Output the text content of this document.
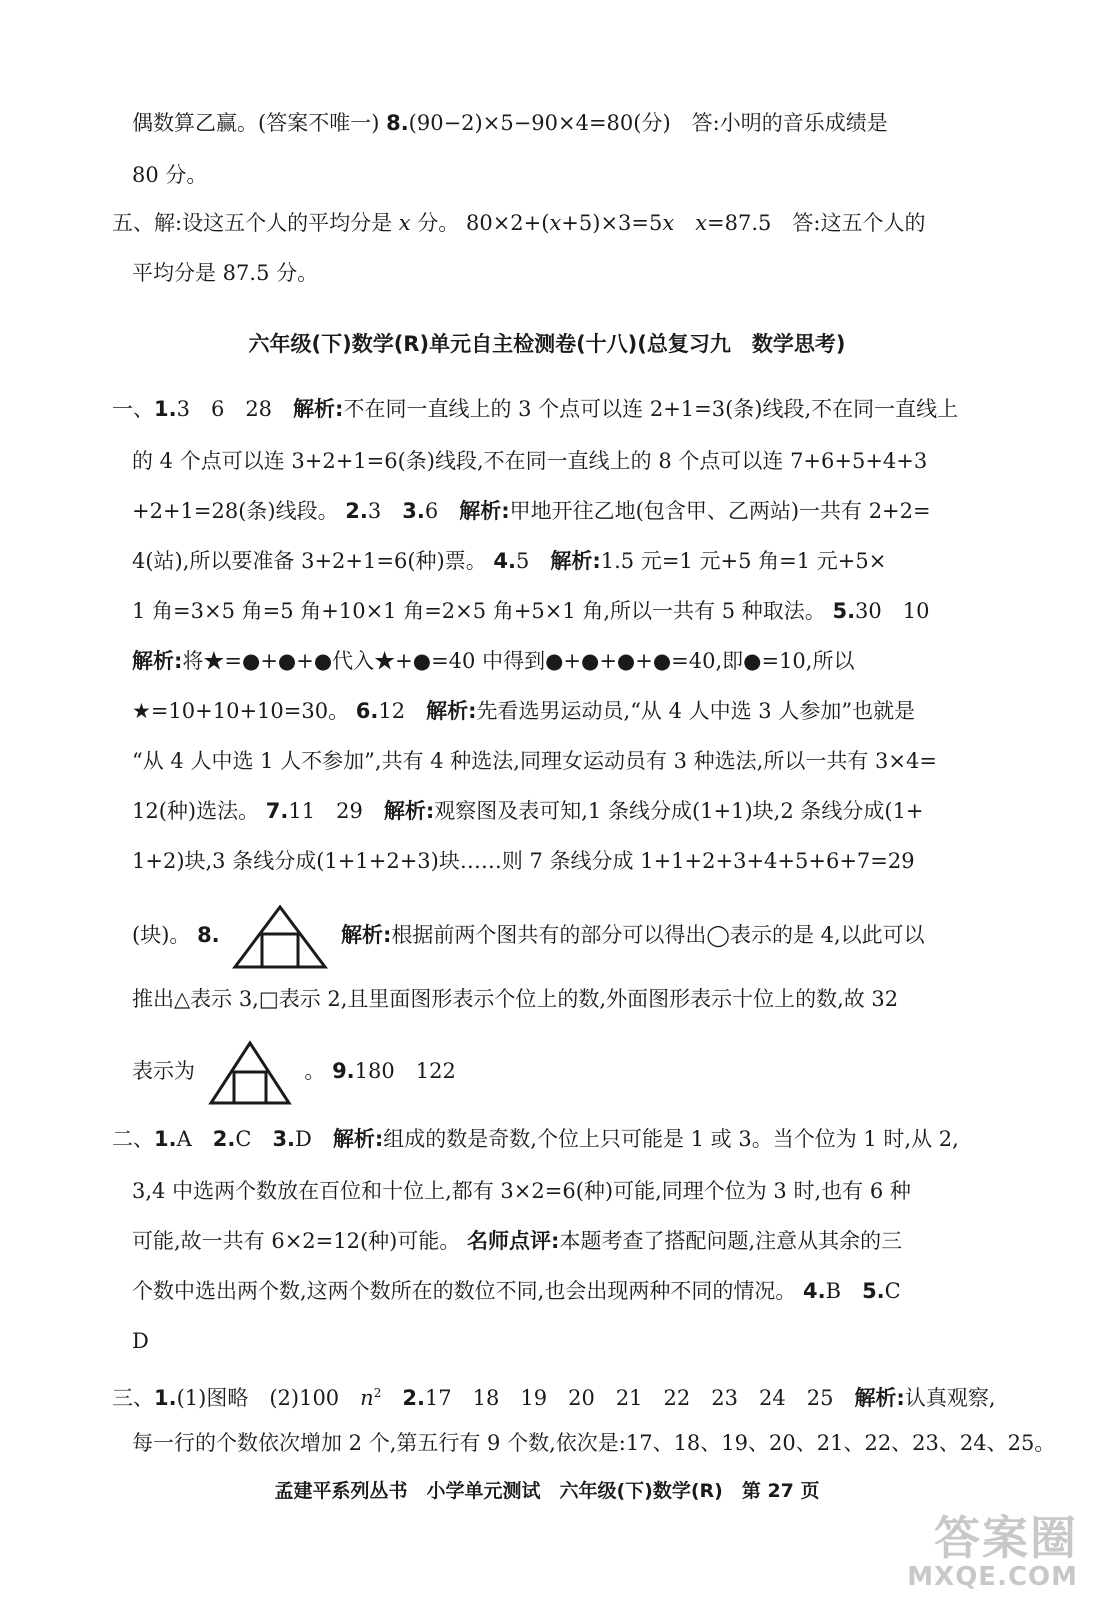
偶数算乙赢。(答案不唯一) 8.(90−2)×5−90×4=80(分)　答:小明的音乐成绩是
80 分。
五、解:设这五个人的平均分是 x 分。 80×2+(x+5)×3=5x　 x=87.5　答:这五个人的
平均分是 87.5 分。
六年级(下)数学(R)单元自主检测卷(十八)(总复习九　数学思考)
一、1.3　6　28　解析:不在同一直线上的 3 个点可以连 2+1=3(条)线段,不在同一直线上
的 4 个点可以连 3+2+1=6(条)线段,不在同一直线上的 8 个点可以连 7+6+5+4+3
+2+1=28(条)线段。 2.3　3.6　解析:甲地开往乙地(包含甲、乙两站)一共有 2+2=
4(站),所以要准备 3+2+1=6(种)票。 4.5　解析:1.5 元=1 元+5 角=1 元+5×
1 角=3×5 角=5 角+10×1 角=2×5 角+5×1 角,所以一共有 5 种取法。 5.30　10
解析:将★=●+●+●代入★+●=40 中得到●+●+●+●=40,即●=10,所以
★=10+10+10=30。 6.12　解析:先看选男运动员,“从 4 人中选 3 人参加”也就是
“从 4 人中选 1 人不参加”,共有 4 种选法,同理女运动员有 3 种选法,所以一共有 3×4=
12(种)选法。 7.11　29　解析:观察图及表可知,1 条线分成(1+1)块,2 条线分成(1+
1+2)块,3 条线分成(1+1+2+3)块……则 7 条线分成 1+1+2+3+4+5+6+7=29
(块)。 8.	解析:根据前两个图共有的部分可以得出◯表示的是 4,以此可以
推出△表示 3,□表示 2,且里面图形表示个位上的数,外面图形表示十位上的数,故 32
表示为	。 9.180　122
二、1.A　2.C　3.D　解析:组成的数是奇数,个位上只可能是 1 或 3。当个位为 1 时,从 2,
3,4 中选两个数放在百位和十位上,都有 3×2=6(种)可能,同理个位为 3 时,也有 6 种
可能,故一共有 6×2=12(种)可能。 名师点评:本题考查了搭配问题,注意从其余的三
个数中选出两个数,这两个数所在的数位不同,也会出现两种不同的情况。 4.B　5.C
D
三、1.(1)图略　(2)100　$n^2$　 2.17　18　19　20　21　22　23　24　25　解析:认真观察,
每一行的个数依次增加 2 个,第五行有 9 个数,依次是:17、18、19、20、21、22、23、24、25。
孟建平系列丛书　小学单元测试　六年级(下)数学(R)　第 27 页
答案圈
MXQE.COM
